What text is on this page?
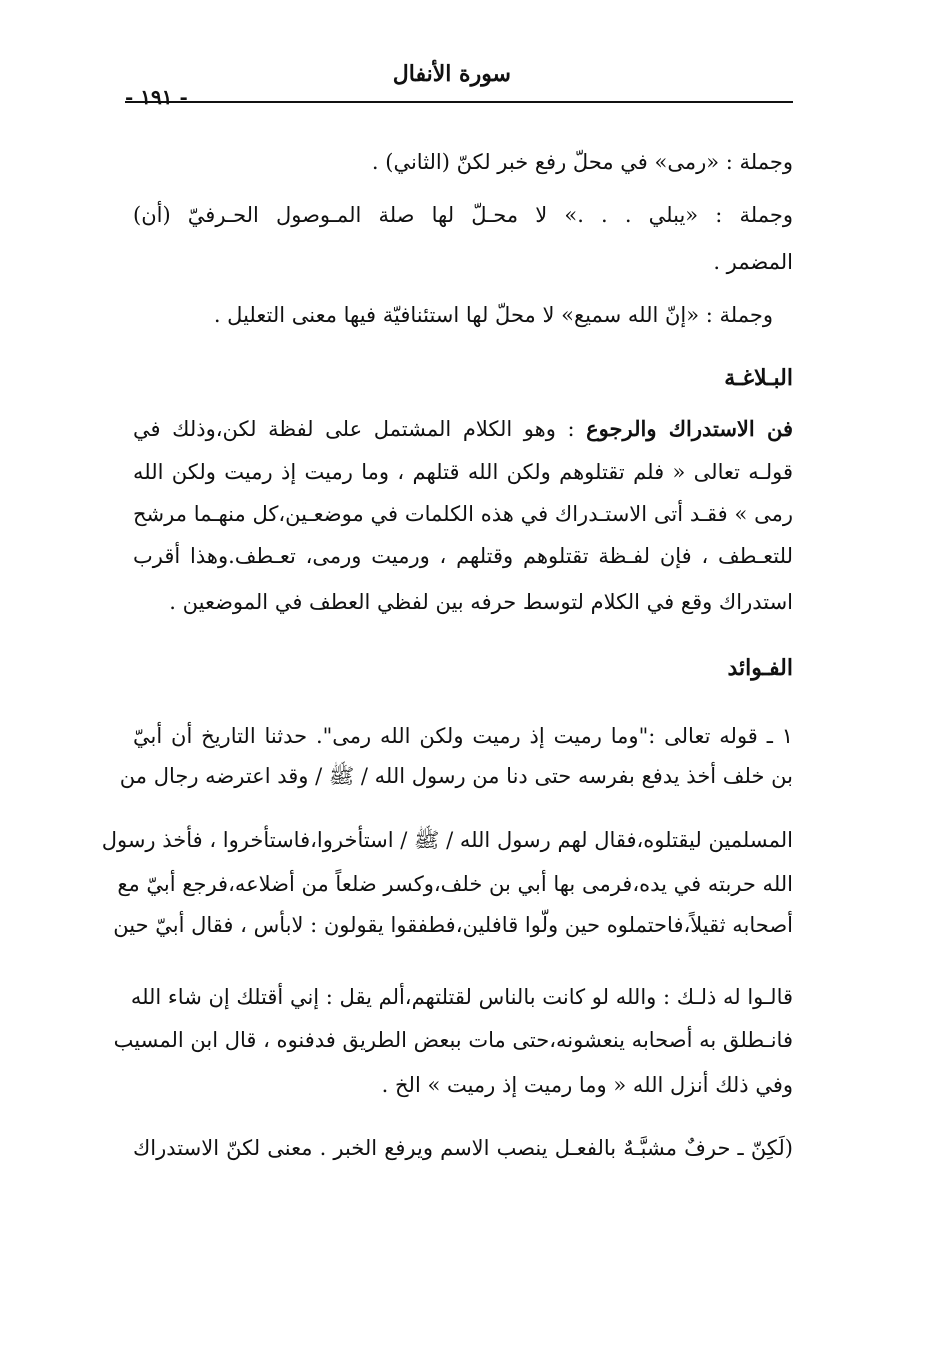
سورة الأنفال
- ١٩١ -
وجملة : «رمى» في محلّ رفع خبر لكنّ (الثاني) .
وجملة : «يبلي . . .» لا محـلّ لها صلة المـوصول الحـرفيّ (أن)
المضمر .
وجملة : «إنّ الله سميع» لا محلّ لها استئنافيّة فيها معنى التعليل .
البـلاغـة
فن الاستدراك والرجوع : وهو الكلام المشتمل على لفظة لكن،وذلك في
قولـه تعالى « فلم تقتلوهم ولكن الله قتلهم ، وما رميت إذ رميت ولكن الله
رمى » فقـد أتى الاستـدراك في هذه الكلمات في موضعـين،كل منهـما مرشح
للتعـطف ، فإن لفـظة تقتلوهم وقتلهم ، ورميت ورمى، تعـطف.وهذا أقرب
استدراك وقع في الكلام لتوسط حرفه بين لفظي العطف في الموضعين .
الفـوائد
١ ـ قوله تعالى :"وما رميت إذ رميت ولكن الله رمى". حدثنا التاريخ أن أبيّ
بن خلف أخذ يدفع بفرسه حتى دنا من رسول الله / ﷺ / وقد اعترضه رجال من
المسلمين ليقتلوه،فقال لهم رسول الله / ﷺ / استأخروا،فاستأخروا ، فأخذ رسول
الله حربته في يده،فرمى بها أبي بن خلف،وكسر ضلعاً من أضلاعه،فرجع أبيّ مع
أصحابه ثقيلاً،فاحتملوه حين ولّوا قافلين،فطفقوا يقولون : لابأس ، فقال أبيّ حين
قالـوا له ذلـك : والله لو كانت بالناس لقتلتهم،ألم يقل : إني أقتلك إن شاء الله
فانـطلق به أصحابه ينعشونه،حتى مات ببعض الطريق فدفنوه ، قال ابن المسيب
وفي ذلك أنزل الله « وما رميت إذ رميت » الخ .
(لَكِنّ ـ حرفٌ مشبَّـهٌ بالفعـل ينصب الاسم ويرفع الخبر . معنى لكنّ الاستدراك
